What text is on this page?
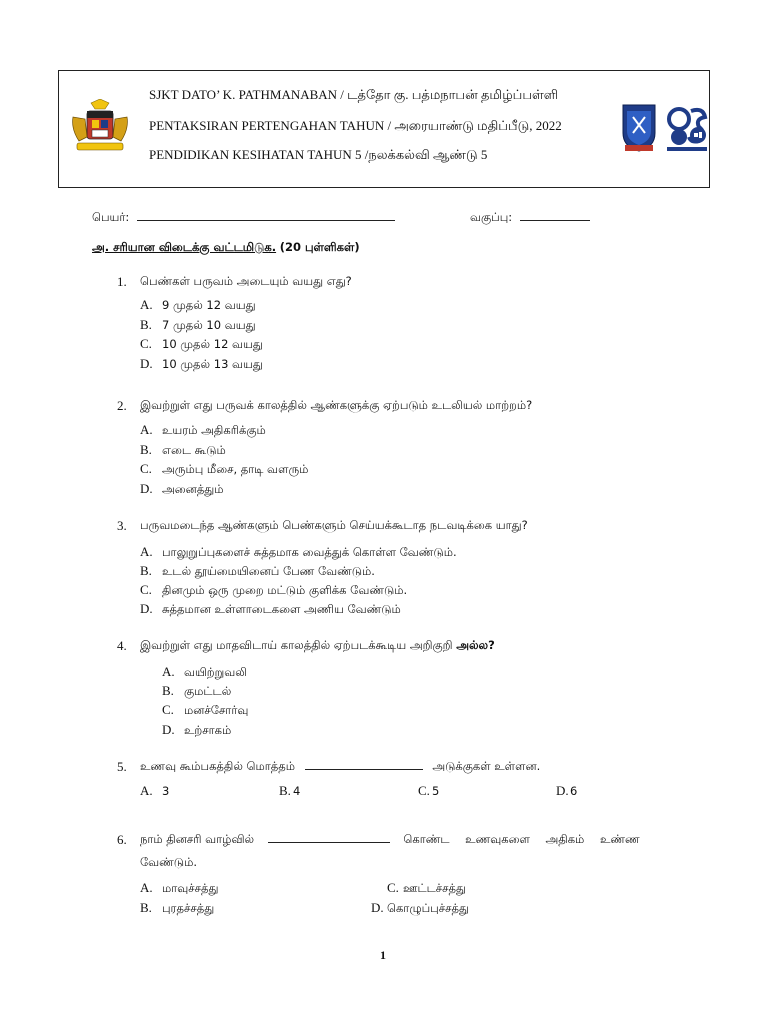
SJKT DATO’ K. PATHMANABAN / டத்தோ கு. பத்மநாபன் தமிழ்ப்பள்ளி
PENTAKSIRAN PERTENGAHAN TAHUN / அரையாண்டு மதிப்பீடு, 2022
PENDIDIKAN KESIHATAN TAHUN 5 /நலக்கல்வி ஆண்டு 5
பெயர்:	வகுப்பு:
அ. சரியான விடைக்கு வட்டமிடுக. (20 புள்ளிகள்)
1. பெண்கள் பருவம் அடையும் வயது எது?
A. 9 முதல் 12 வயது
B. 7 முதல் 10 வயது
C. 10 முதல் 12 வயது
D. 10 முதல் 13 வயது
2. இவற்றுள் எது பருவக் காலத்தில் ஆண்களுக்கு ஏற்படும் உடலியல் மாற்றம்?
A. உயரம் அதிகரிக்கும்
B. எடை கூடும்
C. அரும்பு மீசை, தாடி வளரும்
D. அனைத்தும்
3. பருவமடைந்த ஆண்களும் பெண்களும் செய்யக்கூடாத நடவடிக்கை யாது?
A. பாலுறுப்புகளைச் சுத்தமாக வைத்துக் கொள்ள வேண்டும்.
B. உடல் தூய்மையினைப் பேண வேண்டும்.
C. தினமும் ஒரு முறை மட்டும் குளிக்க வேண்டும்.
D. சுத்தமான உள்ளாடைகளை அணிய வேண்டும்
4. இவற்றுள் எது மாதவிடாய் காலத்தில் ஏற்படக்கூடிய அறிகுறி அல்ல?
A. வயிற்றுவலி
B. குமட்டல்
C. மனச்சோர்வு
D. உற்சாகம்
5. உணவு கூம்பகத்தில் மொத்தம்	அடுக்குகள் உள்ளன.
A. 3	B. 4	C. 5	D.6
6. நாம் தினசரி வாழ்வில்	கொண்ட உணவுகளை அதிகம் உண்ண
வேண்டும்.
A. மாவுச்சத்து	C. ஊட்டச்சத்து
B. புரதச்சத்து	D. கொழுப்புச்சத்து
1
